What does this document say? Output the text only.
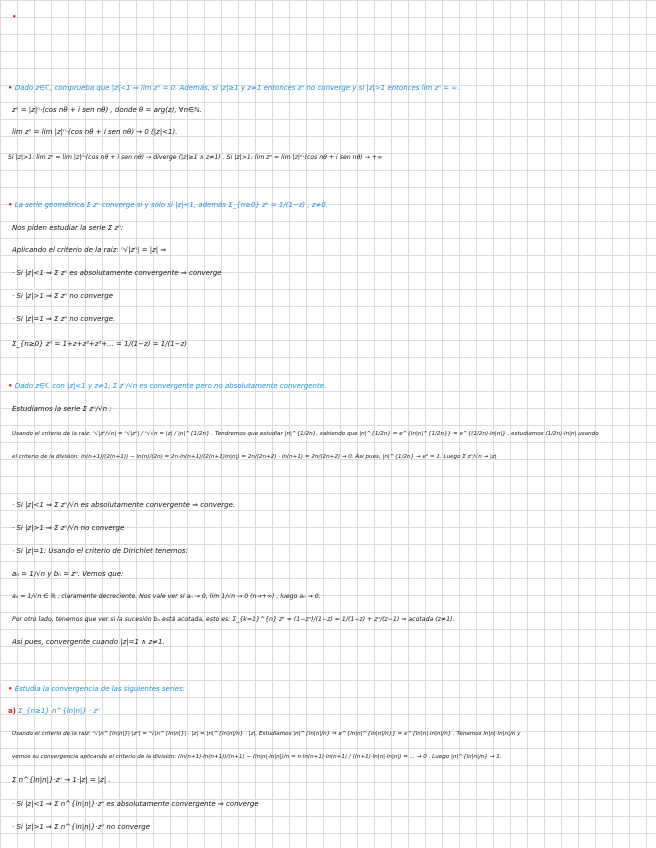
•
• Dado z∈ℂ, comprueba que |z|<1 ⇒ lim zⁿ = 0. Además, si |z|≥1 y z≠1 entonces zⁿ no converge y si |z|>1 entonces lim zⁿ = ∞.
zⁿ = |z|ⁿ·(cos nθ + i sen nθ) , donde θ = arg(z), ∀n∈ℕ.
lim zⁿ = lim |z|ⁿ·(cos nθ + i sen nθ) → 0 (|z|<1).
Si |z|>1: lim zⁿ = lim |z|ⁿ·(cos nθ + i sen nθ) → diverge (|z|≥1 ∧ z≠1) . Si |z|>1: lim zⁿ = lim |z|ⁿ·(cos nθ + i sen nθ) → +∞
• La serie geométrica Σ zⁿ converge si y sólo si |z|<1, además Σ_{n≥0} zⁿ = 1/(1−z) , z≠0.
Nos piden estudiar la serie Σ zⁿ:
Aplicando el criterio de la raíz: ⁿ√|zⁿ| = |z| ⇒
· Si |z|<1 ⇒ Σ zⁿ es absolutamente convergente ⇒ converge
· Si |z|>1 ⇒ Σ zⁿ no converge
· Si |z|=1 ⇒ Σ zⁿ no converge.
Σ_{n≥0} zⁿ = 1+z+z²+z³+... = 1/(1−z) = 1/(1−z)
• Dado z∈ℂ con |z|<1 y z≠1, Σ zⁿ/√n es convergente pero no absolutamente convergente.
Estudiamos la serie Σ zⁿ/√n :
Usando el criterio de la raíz: ⁿ√|zⁿ/√n| = ⁿ√|zⁿ| / ⁿ√√n = |z| / |n|^{1/2n} . Tendremos que estudiar |n|^{1/2n}, sabiendo que |n|^{1/2n} = e^{ln|n|^{1/2n}} = e^{(1/2n)·ln|n|} , estudiamos (1/2n)·ln|n| usando
el criterio de la división: ln(n+1)/(2(n+1)) − ln(n)/(2n) = 2n·ln(n+1)/(2(n+1)ln|n|) = 2n/(2n+2) · ln(n+1) = 2n/(2n+2) → 0. Así pues, |n|^{1/2n} → e⁰ = 1. Luego Σ zⁿ/√n → |z|
· Si |z|<1 ⇒ Σ zⁿ/√n es absolutamente convergente ⇒ converge.
· Si |z|>1 ⇒ Σ zⁿ/√n no converge
· Si |z|=1: Usando el criterio de Dirichlet tenemos:
aₙ = 1/√n y bₙ = zⁿ. Vemos que:
aₙ = 1/√n ∈ ℝ , claramente decreciente. Nos vale ver si aₙ → 0, lim 1/√n → 0 (n→+∞) , luego aₙ → 0.
Por otro lado, tenemos que ver si la sucesión bₙ está acotada, esto es: Σ_{k=1}^{n} zᵏ = (1−zⁿ)/(1−z) = 1/(1−z) + zⁿ/(z−1) ⇒ acotada (z≠1).
Así pues, convergente cuando |z|=1 ∧ z≠1.
• Estudia la convergencia de las siguientes series:
a) Σ_{n≥1} n^{ln|n|} · zⁿ
Usando el criterio de la raíz: ⁿ√|n^{ln|n|}|·|zⁿ| = ⁿ√|n^{ln|n|}| · |z| = |n|^{ln|n|/n} · |z|. Estudiamos |n|^{ln|n|/n} ⇒ e^{ln|n|^{ln|n|/n}} = e^{ln|n|·ln|n|/n} . Tenemos ln|n|·ln|n|/n y
vemos su convergencia aplicando el criterio de la división: (ln(n+1)·ln(n+1))/(n+1) − (ln|n|·ln|n|)/n = n·ln(n+1)·ln(n+1) / ((n+1)·ln|n|·ln|n|) = ... → 0 . Luego |n|^{ln|n|/n} → 1.
Σ n^{ln|n|}·zⁿ → 1·|z| = |z| .
· Si |z|<1 ⇒ Σ n^{ln|n|}·zⁿ es absolutamente convergente ⇒ converge
· Si |z|>1 ⇒ Σ n^{ln|n|}·zⁿ no converge
